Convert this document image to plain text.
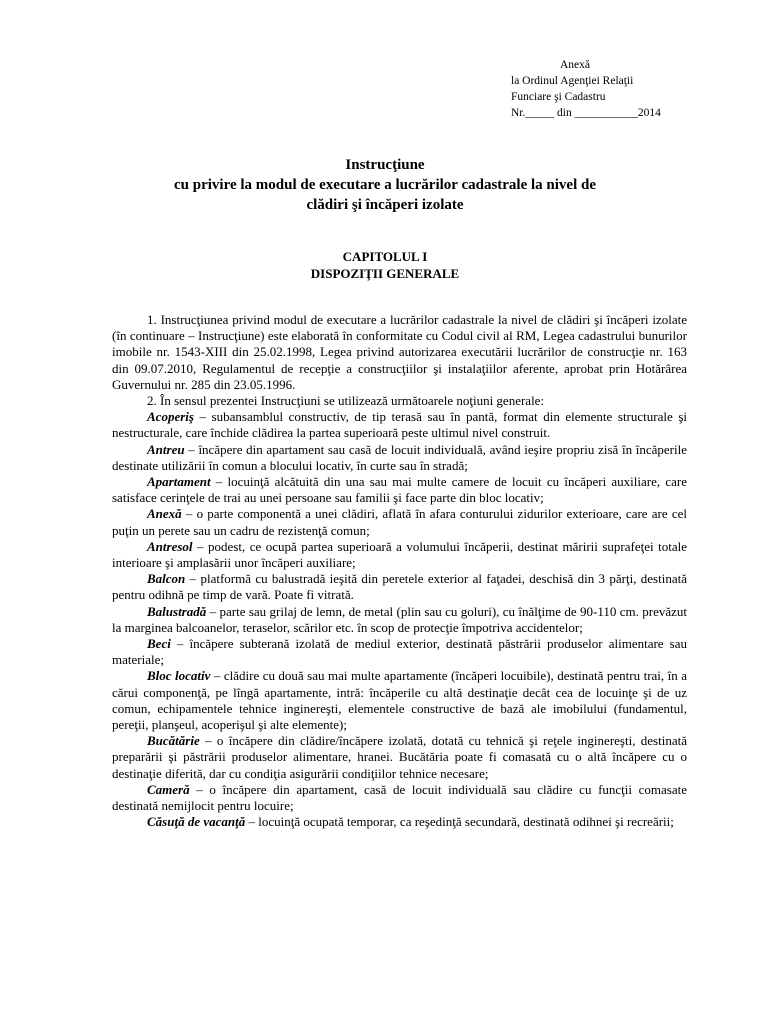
Anexă
la Ordinul Agenţiei Relaţii
Funciare şi Cadastru
Nr._____ din ___________2014
Instrucţiune
cu privire la modul de executare a lucrărilor cadastrale la nivel de
clădiri şi încăperi izolate
CAPITOLUL I
DISPOZIŢII GENERALE

1. Instrucţiunea privind modul de executare a lucrărilor cadastrale la nivel de clădiri şi încăperi izolate (în continuare – Instrucţiune) este elaborată în conformitate cu Codul civil al RM, Legea cadastrului bunurilor imobile nr. 1543-XIII din 25.02.1998, Legea privind autorizarea executării lucrărilor de construcţie nr. 163 din 09.07.2010, Regulamentul de recepţie a construcţiilor şi instalaţiilor aferente, aprobat prin Hotărârea Guvernului nr. 285 din 23.05.1996.

2. În sensul prezentei Instrucţiuni se utilizează următoarele noţiuni generale:

Acoperiş – subansamblul constructiv, de tip terasă sau în pantă, format din elemente structurale şi nestructurale, care închide clădirea la partea superioară peste ultimul nivel construit.

Antreu – încăpere din apartament sau casă de locuit individuală, având ieşire propriu zisă în încăperile destinate utilizării în comun a blocului locativ, în curte sau în stradă;

Apartament – locuinţă alcătuită din una sau mai multe camere de locuit cu încăperi auxiliare, care satisface cerinţele de trai au unei persoane sau familii şi face parte din bloc locativ;

Anexă – o parte componentă a unei clădiri, aflată în afara conturului zidurilor exterioare, care are cel puţin un perete sau un cadru de rezistenţă comun;

Antresol – podest, ce ocupă partea superioară a volumului încăperii, destinat măririi suprafeţei totale interioare şi amplasării unor încăperi auxiliare;

Balcon – platformă cu balustradă ieşită din peretele exterior al faţadei, deschisă din 3 părţi, destinată pentru odihnă pe timp de vară. Poate fi vitrată.

Balustradă – parte sau grilaj de lemn, de metal (plin sau cu goluri), cu înălţime de 90-110 cm. prevăzut la marginea balcoanelor, teraselor, scărilor etc. în scop de protecţie împotriva accidentelor;

Beci – încăpere subterană izolată de mediul exterior, destinată păstrării produselor alimentare sau materiale;

Bloc locativ – clădire cu două sau mai multe apartamente (încăperi locuibile), destinată pentru trai, în a cărui componenţă, pe lîngă apartamente, intră: încăperile cu altă destinaţie decât cea de locuinţe şi de uz comun, echipamentele tehnice inginereşti, elementele constructive de bază ale imobilului (fundamentul, pereţii, planşeul, acoperişul şi alte elemente);

Bucătărie – o încăpere din clădire/încăpere izolată, dotată cu tehnică şi reţele inginereşti, destinată preparării şi păstrării produselor alimentare, hranei. Bucătăria poate fi comasată cu o altă încăpere cu o destinaţie diferită, dar cu condiţia asigurării condiţiilor tehnice necesare;

Cameră – o încăpere din apartament, casă de locuit individuală sau clădire cu funcţii comasate destinată nemijlocit pentru locuire;

Căsuţă de vacanţă – locuinţă ocupată temporar, ca reşedinţă secundară, destinată odihnei şi recreării;
